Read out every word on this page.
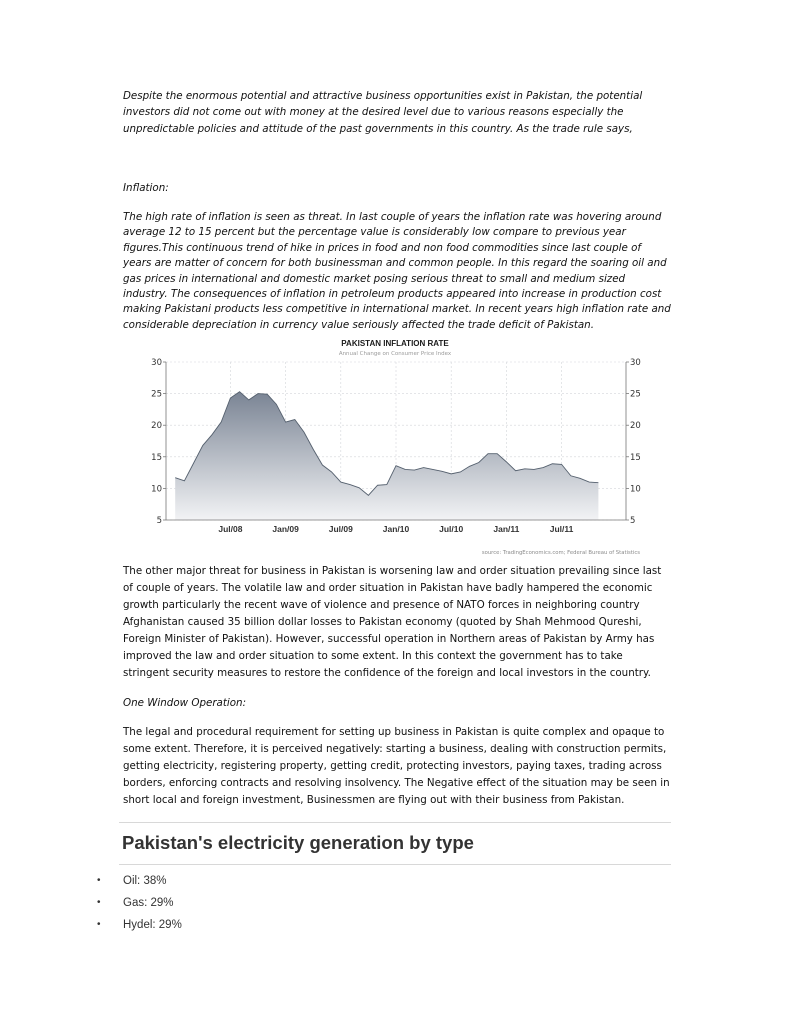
Despite the enormous potential and attractive business opportunities exist in Pakistan, the potential investors did not come out with money at the desired level due to various reasons especially the unpredictable policies and attitude of the past governments in this country. As the trade rule says,

Inflation:

The high rate of inflation is seen as threat. In last couple of years the inflation rate was hovering around average 12 to 15 percent but the percentage value is considerably low compare to previous year figures.This continuous trend of hike in prices in food and non food commodities since last couple of years are matter of concern for both businessman and common people. In this regard the soaring oil and gas prices in international and domestic market posing serious threat to small and medium sized industry. The consequences of inflation in petroleum products appeared into increase in production cost making Pakistani products less competitive in international market. In recent years high inflation rate and considerable depreciation in currency value seriously affected the trade deficit of Pakistan.

PAKISTAN INFLATION RATE
Annual Change on Consumer Price Index
5	5
10	10
15	15
20	20
25	25
30	30
Jul/08	Jan/09	Jul/09	Jan/10	Jul/10	Jan/11	Jul/11
source: TradingEconomics.com; Federal Bureau of Statistics

The other major threat for business in Pakistan is worsening law and order situation prevailing since last of couple of years. The volatile law and order situation in Pakistan have badly hampered the economic growth particularly the recent wave of violence and presence of NATO forces in neighboring country Afghanistan caused 35 billion dollar losses to Pakistan economy (quoted by Shah Mehmood Qureshi, Foreign Minister of Pakistan). However, successful operation in Northern areas of Pakistan by Army has improved the law and order situation to some extent. In this context the government has to take stringent security measures to restore the confidence of the foreign and local investors in the country.

One Window Operation:

The legal and procedural requirement for setting up business in Pakistan is quite complex and opaque to some extent. Therefore, it is perceived negatively: starting a business, dealing with construction permits, getting electricity, registering property, getting credit, protecting investors, paying taxes, trading across borders, enforcing contracts and resolving insolvency. The Negative effect of the situation may be seen in short local and foreign investment, Businessmen are flying out with their business from Pakistan.

Pakistan's electricity generation by type
• Oil: 38%
• Gas: 29%
• Hydel: 29%
